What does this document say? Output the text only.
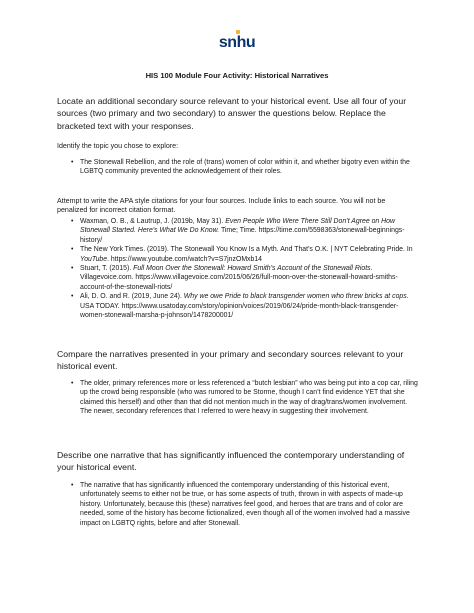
snhu
HIS 100 Module Four Activity: Historical Narratives

Locate an additional secondary source relevant to your historical event. Use all four of your sources (two primary and two secondary) to answer the questions below. Replace the bracketed text with your responses.

Identify the topic you chose to explore:

• The Stonewall Rebellion, and the role of (trans) women of color within it, and whether bigotry even within the LGBTQ community prevented the acknowledgement of their roles.

Attempt to write the APA style citations for your four sources. Include links to each source. You will not be penalized for incorrect citation format.

• Waxman, O. B., & Lautrup, J. (2019b, May 31). Even People Who Were There Still Don’t Agree on How Stonewall Started. Here’s What We Do Know. Time; Time. https://time.com/5598363/stonewall-beginnings-history/
• The New York Times. (2019). The Stonewall You Know Is a Myth. And That’s O.K. | NYT Celebrating Pride. In YouTube. https://www.youtube.com/watch?v=S7jnzOMxb14
• Stuart, T. (2015). Full Moon Over the Stonewall: Howard Smith’s Account of the Stonewall Riots. Villagevoice.com. https://www.villagevoice.com/2015/06/26/full-moon-over-the-stonewall-howard-smiths-account-of-the-stonewall-riots/
• Ali, D. O. and R. (2019, June 24). Why we owe Pride to black transgender women who threw bricks at cops. USA TODAY. https://www.usatoday.com/story/opinion/voices/2019/06/24/pride-month-black-transgender-women-stonewall-marsha-p-johnson/1478200001/

Compare the narratives presented in your primary and secondary sources relevant to your historical event.

• The older, primary references more or less referenced a “butch lesbian” who was being put into a cop car, riling up the crowd being responsible (who was rumored to be Storme, though I can’t find evidence YET that she claimed this herself) and other than that did not mention much in the way of drag/trans/women involvement. The newer, secondary references that I referred to were heavy in suggesting their involvement.

Describe one narrative that has significantly influenced the contemporary understanding of your historical event.

• The narrative that has significantly influenced the contemporary understanding of this historical event, unfortunately seems to either not be true, or has some aspects of truth, thrown in with aspects of made-up history. Unfortunately, because this (these) narratives feel good, and heroes that are trans and of color are needed, some of the history has become fictionalized, even though all of the women involved had a massive impact on LGBTQ rights, before and after Stonewall.
